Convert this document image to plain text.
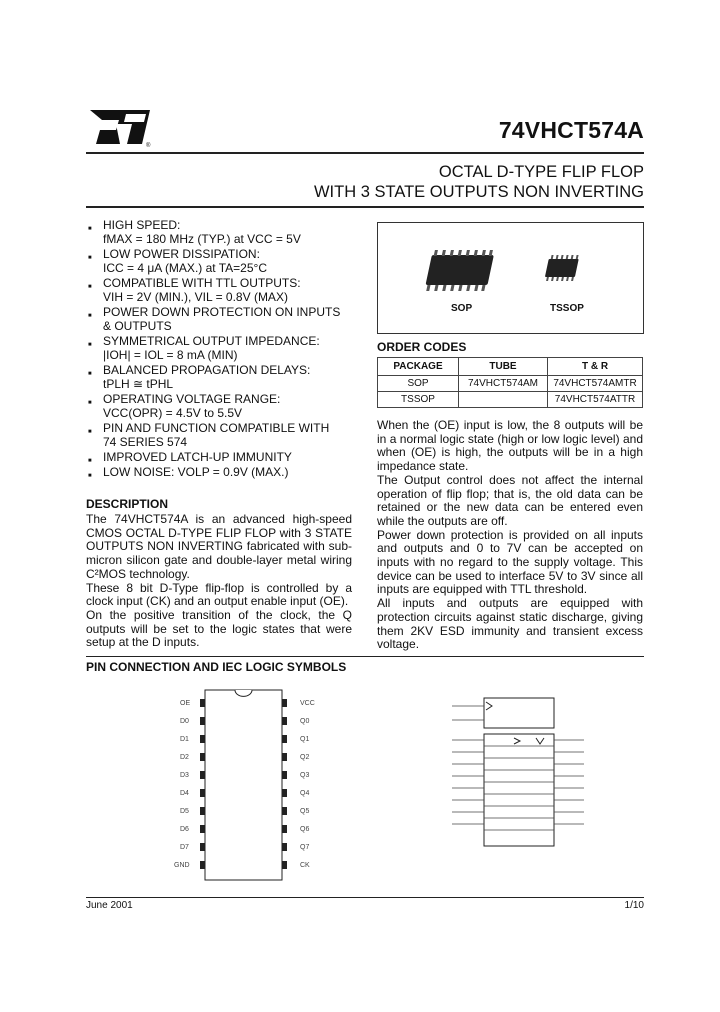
®
74VHCT574A
OCTAL D-TYPE FLIP FLOP
WITH 3 STATE OUTPUTS NON INVERTING
■ HIGH SPEED:
fMAX = 180 MHz (TYP.) at VCC = 5V
■ LOW POWER DISSIPATION:
ICC = 4 μA (MAX.) at TA=25°C
■ COMPATIBLE WITH TTL OUTPUTS:
VIH = 2V (MIN.), VIL = 0.8V (MAX)
■ POWER DOWN PROTECTION ON INPUTS
& OUTPUTS
■ SYMMETRICAL OUTPUT IMPEDANCE:
|IOH| = IOL = 8 mA (MIN)
■ BALANCED PROPAGATION DELAYS:
tPLH ≅ tPHL
■ OPERATING VOLTAGE RANGE:
VCC(OPR) = 4.5V to 5.5V
■ PIN AND FUNCTION COMPATIBLE WITH
74 SERIES 574
■ IMPROVED LATCH-UP IMMUNITY
■ LOW NOISE: VOLP = 0.9V (MAX.)
SOP	TSSOP
ORDER CODES
PACKAGE	TUBE	T & R
SOP	74VHCT574AM	74VHCT574AMTR
TSSOP		74VHCT574ATTR
DESCRIPTION
The 74VHCT574A is an advanced high-speed CMOS OCTAL D-TYPE FLIP FLOP with 3 STATE OUTPUTS NON INVERTING fabricated with sub-micron silicon gate and double-layer metal wiring C²MOS technology.
These 8 bit D-Type flip-flop is controlled by a clock input (CK) and an output enable input (OE).
On the positive transition of the clock, the Q outputs will be set to the logic states that were setup at the D inputs.
When the (OE) input is low, the 8 outputs will be in a normal logic state (high or low logic level) and when (OE) is high, the outputs will be in a high impedance state.
The Output control does not affect the internal operation of flip flop; that is, the old data can be retained or the new data can be entered even while the outputs are off.
Power down protection is provided on all inputs and outputs and 0 to 7V can be accepted on inputs with no regard to the supply voltage. This device can be used to interface 5V to 3V since all inputs are equipped with TTL threshold.
All inputs and outputs are equipped with protection circuits against static discharge, giving them 2KV ESD immunity and transient excess voltage.
PIN CONNECTION AND IEC LOGIC SYMBOLS
OE
D0
D1
D2
D3
D4
D5
D6
D7
GND
VCC
Q0
Q1
Q2
Q3
Q4
Q5
Q6
Q7
CK
June 2001	1/10
